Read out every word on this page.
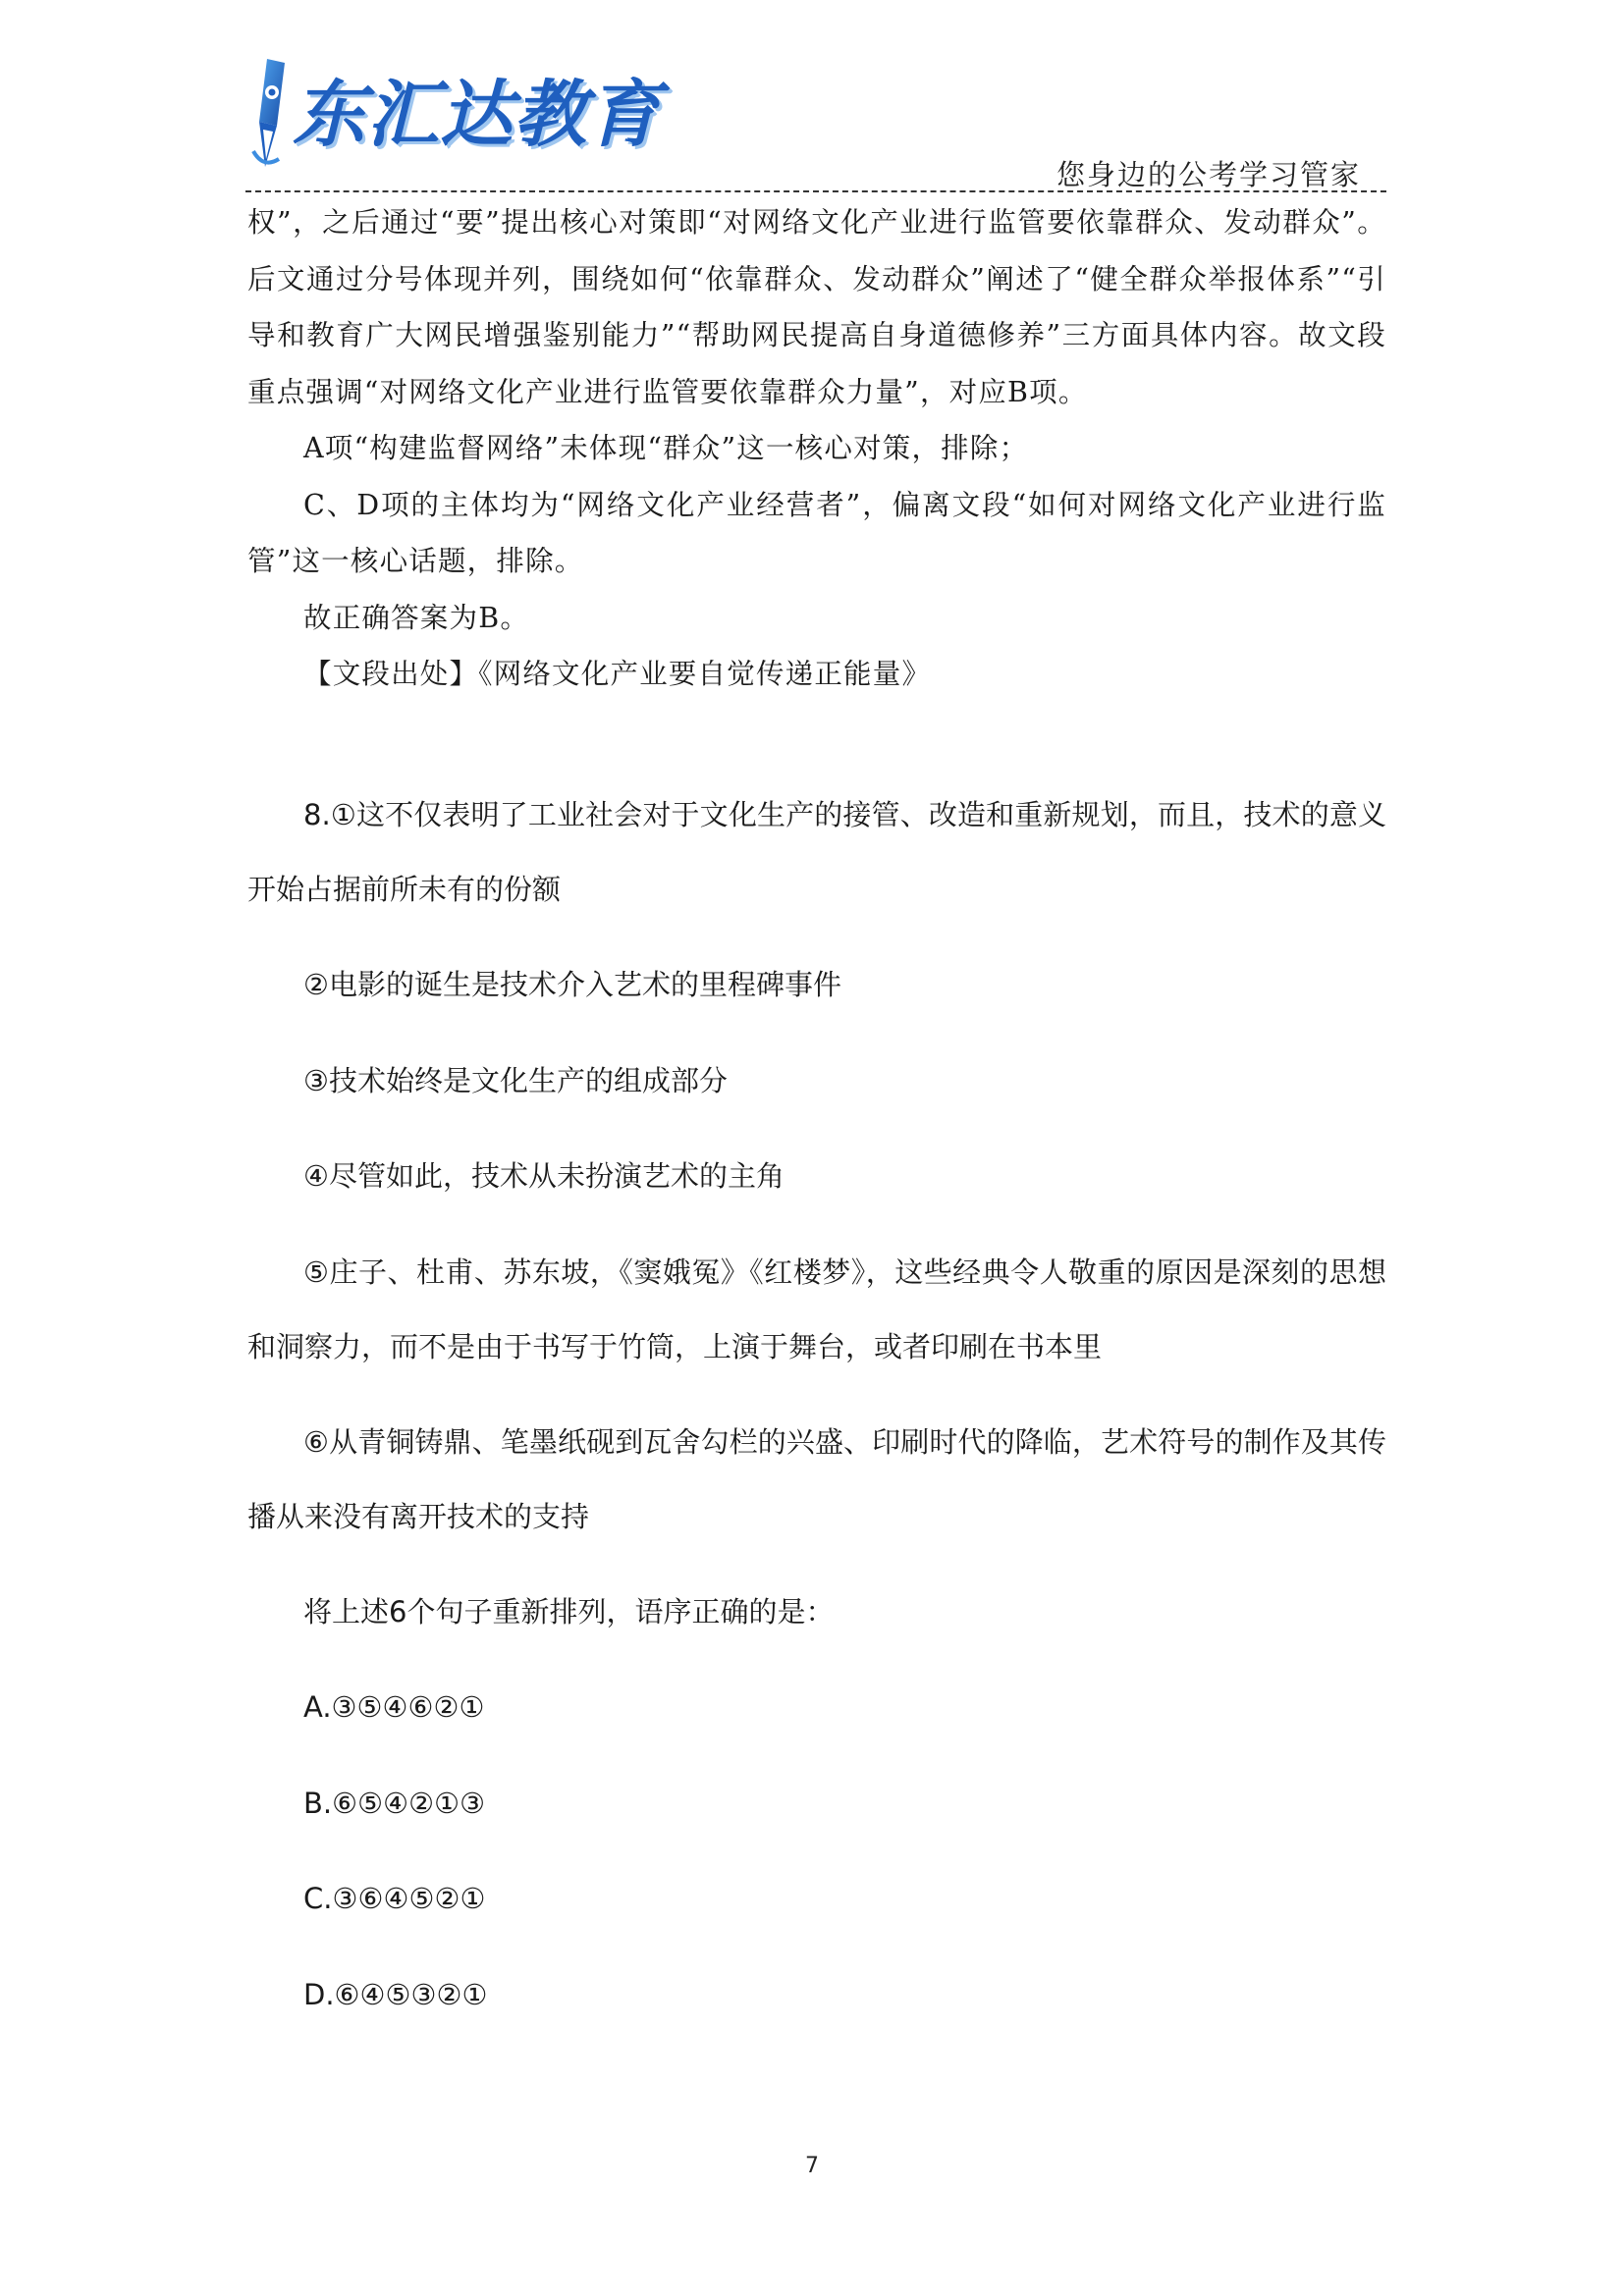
东汇达教育
您身边的公考学习管家

权”，之后通过“要”提出核心对策即“对网络文化产业进行监管要依靠群众、发动群众”。后文通过分号体现并列，围绕如何“依靠群众、发动群众”阐述了“健全群众举报体系”“引导和教育广大网民增强鉴别能力”“帮助网民提高自身道德修养”三方面具体内容。故文段重点强调“对网络文化产业进行监管要依靠群众力量”，对应B项。

A项“构建监督网络”未体现“群众”这一核心对策，排除；

C、D项的主体均为“网络文化产业经营者”，偏离文段“如何对网络文化产业进行监管”这一核心话题，排除。

故正确答案为B。

【文段出处】《网络文化产业要自觉传递正能量》

8.①这不仅表明了工业社会对于文化生产的接管、改造和重新规划，而且，技术的意义开始占据前所未有的份额

②电影的诞生是技术介入艺术的里程碑事件

③技术始终是文化生产的组成部分

④尽管如此，技术从未扮演艺术的主角

⑤庄子、杜甫、苏东坡，《窦娥冤》《红楼梦》，这些经典令人敬重的原因是深刻的思想和洞察力，而不是由于书写于竹筒，上演于舞台，或者印刷在书本里

⑥从青铜铸鼎、笔墨纸砚到瓦舍勾栏的兴盛、印刷时代的降临，艺术符号的制作及其传播从来没有离开技术的支持

将上述6个句子重新排列，语序正确的是：

A.③⑤④⑥②①

B.⑥⑤④②①③

C.③⑥④⑤②①

D.⑥④⑤③②①

7
